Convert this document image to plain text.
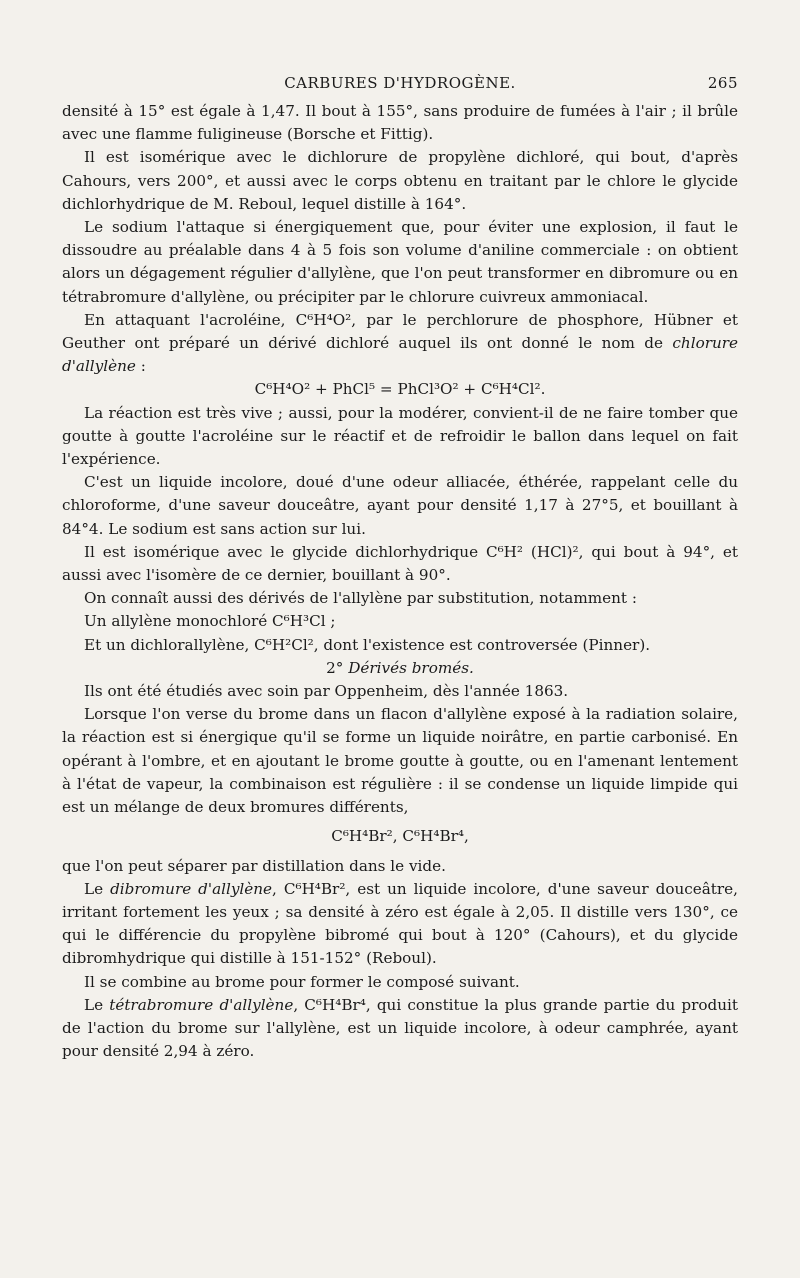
CARBURES D'HYDROGÈNE.	265

densité à 15° est égale à 1,47. Il bout à 155°, sans produire de fumées à l'air ; il brûle avec une flamme fuligineuse (Borsche et Fittig).

Il est isomérique avec le dichlorure de propylène dichloré, qui bout, d'après Cahours, vers 200°, et aussi avec le corps obtenu en traitant par le chlore le glycide dichlorhydrique de M. Reboul, lequel distille à 164°.

Le sodium l'attaque si énergiquement que, pour éviter une explosion, il faut le dissoudre au préalable dans 4 à 5 fois son volume d'aniline commerciale : on obtient alors un dégagement régulier d'allylène, que l'on peut transformer en dibromure ou en tétrabromure d'allylène, ou précipiter par le chlorure cuivreux ammoniacal.

En attaquant l'acroléine, C⁶H⁴O², par le perchlorure de phosphore, Hübner et Geuther ont préparé un dérivé dichloré auquel ils ont donné le nom de chlorure d'allylène :

C⁶H⁴O² + PhCl⁵ = PhCl³O² + C⁶H⁴Cl².

La réaction est très vive ; aussi, pour la modérer, convient-il de ne faire tomber que goutte à goutte l'acroléine sur le réactif et de refroidir le ballon dans lequel on fait l'expérience.

C'est un liquide incolore, doué d'une odeur alliacée, éthérée, rappelant celle du chloroforme, d'une saveur douceâtre, ayant pour densité 1,17 à 27°5, et bouillant à 84°4. Le sodium est sans action sur lui.

Il est isomérique avec le glycide dichlorhydrique C⁶H² (HCl)², qui bout à 94°, et aussi avec l'isomère de ce dernier, bouillant à 90°.

On connaît aussi des dérivés de l'allylène par substitution, notamment :

Un allylène monochloré C⁶H³Cl ;

Et un dichlorallylène, C⁶H²Cl², dont l'existence est controversée (Pinner).

2° Dérivés bromés.

Ils ont été étudiés avec soin par Oppenheim, dès l'année 1863.

Lorsque l'on verse du brome dans un flacon d'allylène exposé à la radiation solaire, la réaction est si énergique qu'il se forme un liquide noirâtre, en partie carbonisé. En opérant à l'ombre, et en ajoutant le brome goutte à goutte, ou en l'amenant lentement à l'état de vapeur, la combinaison est régulière : il se condense un liquide limpide qui est un mélange de deux bromures différents,

C⁶H⁴Br², C⁶H⁴Br⁴,

que l'on peut séparer par distillation dans le vide.

Le dibromure d'allylène, C⁶H⁴Br², est un liquide incolore, d'une saveur douceâtre, irritant fortement les yeux ; sa densité à zéro est égale à 2,05. Il distille vers 130°, ce qui le différencie du propylène bibromé qui bout à 120° (Cahours), et du glycide dibromhydrique qui distille à 151-152° (Reboul).

Il se combine au brome pour former le composé suivant.

Le tétrabromure d'allylène, C⁶H⁴Br⁴, qui constitue la plus grande partie du produit de l'action du brome sur l'allylène, est un liquide incolore, à odeur camphrée, ayant pour densité 2,94 à zéro.
